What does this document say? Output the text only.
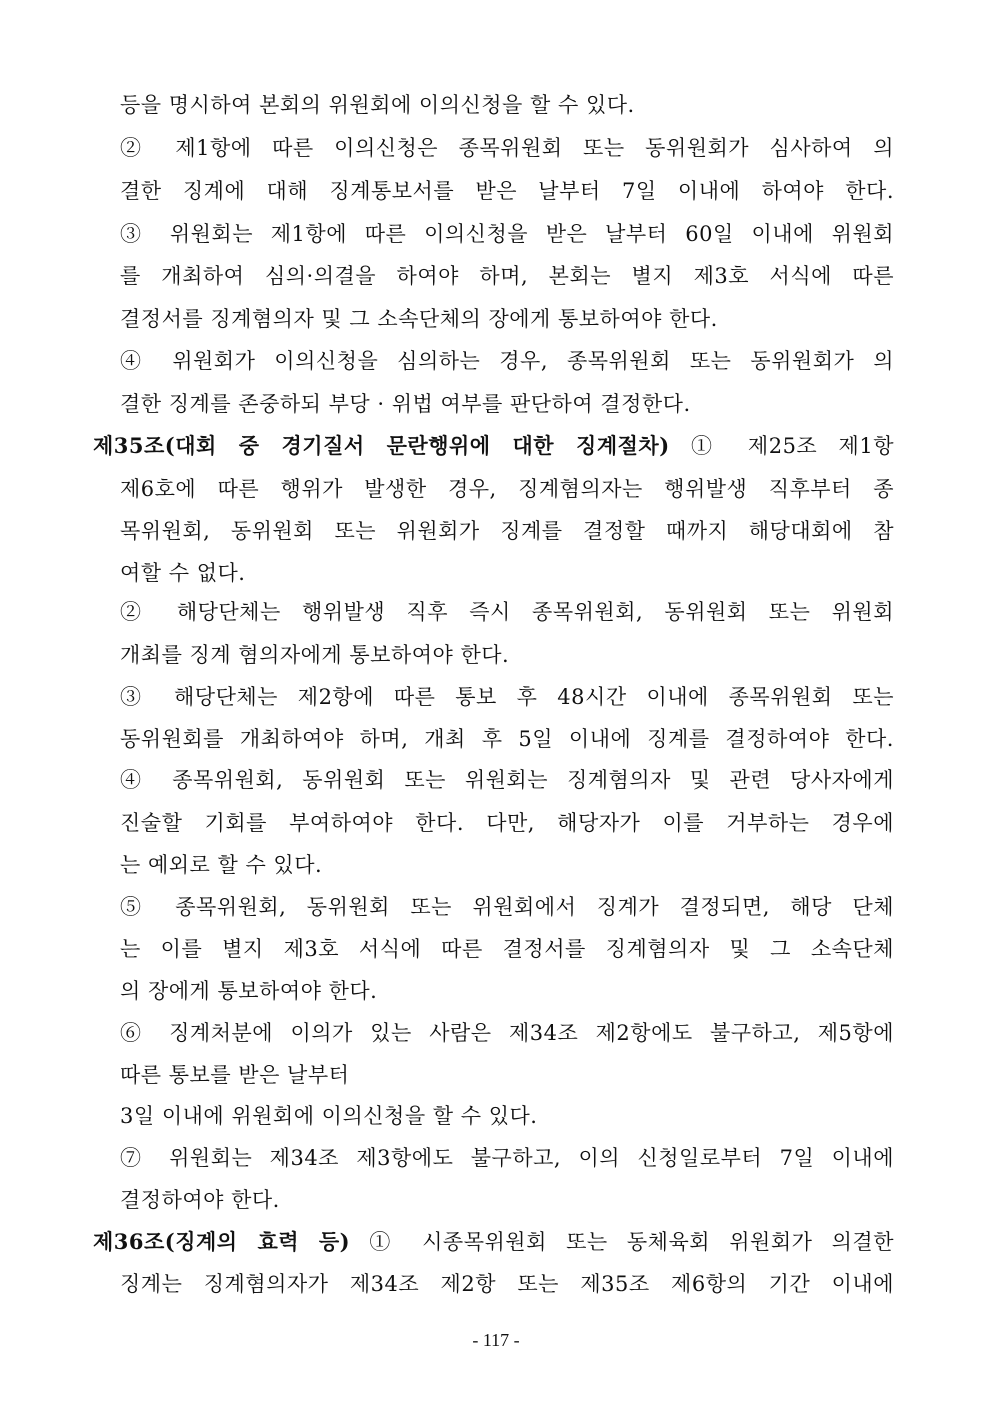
등을 명시하여 본회의 위원회에 이의신청을 할 수 있다.
② 제1항에 따른 이의신청은 종목위원회 또는 동위원회가 심사하여 의
결한 징계에 대해 징계통보서를 받은 날부터 7일 이내에 하여야 한다.
③ 위원회는 제1항에 따른 이의신청을 받은 날부터 60일 이내에 위원회
를 개최하여 심의·의결을 하여야 하며, 본회는 별지 제3호 서식에 따른
결정서를 징계혐의자 및 그 소속단체의 장에게 통보하여야 한다.
④ 위원회가 이의신청을 심의하는 경우, 종목위원회 또는 동위원회가 의
결한 징계를 존중하되 부당 · 위법 여부를 판단하여 결정한다.
제35조(대회 중 경기질서 문란행위에 대한 징계절차) ① 제25조 제1항
제6호에 따른 행위가 발생한 경우, 징계혐의자는 행위발생 직후부터 종
목위원회, 동위원회 또는 위원회가 징계를 결정할 때까지 해당대회에 참
여할 수 없다.
② 해당단체는 행위발생 직후 즉시 종목위원회, 동위원회 또는 위원회
개최를 징계 혐의자에게 통보하여야 한다.
③ 해당단체는 제2항에 따른 통보 후 48시간 이내에 종목위원회 또는
동위원회를 개최하여야 하며, 개최 후 5일 이내에 징계를 결정하여야 한다.
④ 종목위원회, 동위원회 또는 위원회는 징계혐의자 및 관련 당사자에게
진술할 기회를 부여하여야 한다. 다만, 해당자가 이를 거부하는 경우에
는 예외로 할 수 있다.
⑤ 종목위원회, 동위원회 또는 위원회에서 징계가 결정되면, 해당 단체
는 이를 별지 제3호 서식에 따른 결정서를 징계혐의자 및 그 소속단체
의 장에게 통보하여야 한다.
⑥ 징계처분에 이의가 있는 사람은 제34조 제2항에도 불구하고, 제5항에
따른 통보를 받은 날부터
3일 이내에 위원회에 이의신청을 할 수 있다.
⑦ 위원회는 제34조 제3항에도 불구하고, 이의 신청일로부터 7일 이내에
결정하여야 한다.
제36조(징계의 효력 등) ① 시종목위원회 또는 동체육회 위원회가 의결한
징계는 징계혐의자가 제34조 제2항 또는 제35조 제6항의 기간 이내에
- 117 -
